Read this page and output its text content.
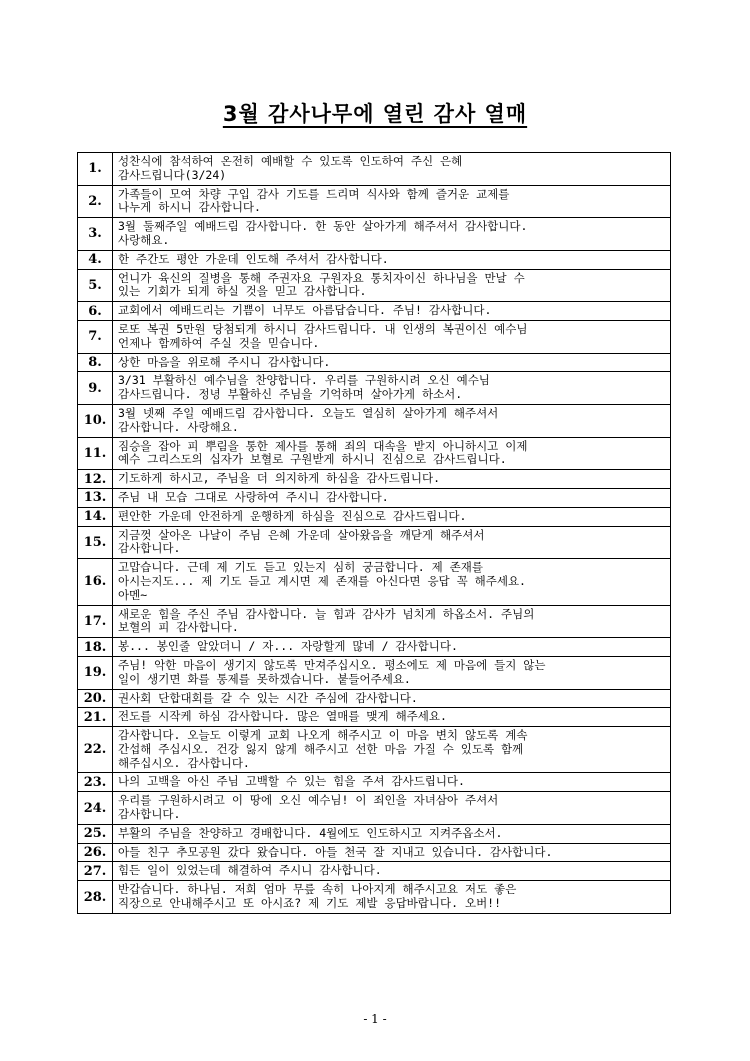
3월 감사나무에 열린 감사 열매
1.	성찬식에 참석하여 온전히 예배할 수 있도록 인도하여 주신 은혜
감사드립니다(3/24)
2.	가족들이 모여 차량 구입 감사 기도를 드리며 식사와 함께 즐거운 교제를
나누게 하시니 감사합니다.
3.	3월 둘째주일 예배드림 감사합니다. 한 동안 살아가게 해주셔서 감사합니다.
사랑해요.
4.	한 주간도 평안 가운데 인도해 주셔서 감사합니다.
5.	언니가 육신의 질병을 통해 주권자요 구원자요 통치자이신 하나님을 만날 수
있는 기회가 되게 하실 것을 믿고 감사합니다.
6.	교회에서 예배드리는 기쁨이 너무도 아름답습니다. 주님! 감사합니다.
7.	로또 복권 5만원 당첨되게 하시니 감사드립니다. 내 인생의 복권이신 예수님
언제나 함께하여 주실 것을 믿습니다.
8.	상한 마음을 위로해 주시니 감사합니다.
9.	3/31 부활하신 예수님을 찬양합니다. 우리를 구원하시려 오신 예수님
감사드립니다. 정녕 부활하신 주님을 기억하며 살아가게 하소서.
10.	3월 넷째 주일 예배드림 감사합니다. 오늘도 열심히 살아가게 해주셔서
감사합니다. 사랑해요.
11.	짐승을 잡아 피 뿌림을 통한 제사를 통해 죄의 대속을 받지 아니하시고 이제
예수 그리스도의 십자가 보혈로 구원받게 하시니 진심으로 감사드립니다.
12.	기도하게 하시고, 주님을 더 의지하게 하심을 감사드립니다.
13.	주님 내 모습 그대로 사랑하여 주시니 감사합니다.
14.	편안한 가운데 안전하게 운행하게 하심을 진심으로 감사드립니다.
15.	지금껏 살아온 나날이 주님 은혜 가운데 살아왔음을 깨닫게 해주셔서
감사합니다.
16.	고맙습니다. 근데 제 기도 듣고 있는지 심히 궁금합니다. 제 존재를
아시는지도... 제 기도 듣고 계시면 제 존재를 아신다면 응답 꼭 해주세요.
아멘~
17.	새로운 힘을 주신 주님 감사합니다. 늘 힘과 감사가 넘치게 하옵소서. 주님의
보혈의 피 감사합니다.
18.	봉... 봉인줄 알았더니 / 자... 자랑할게 많네 / 감사합니다.
19.	주님! 악한 마음이 생기지 않도록 만져주십시오. 평소에도 제 마음에 들지 않는
일이 생기면 화를 통제를 못하겠습니다. 붙들어주세요.
20.	권사회 단합대회를 갈 수 있는 시간 주심에 감사합니다.
21.	전도를 시작케 하심 감사합니다. 많은 열매를 맺게 해주세요.
22.	감사합니다. 오늘도 이렇게 교회 나오게 해주시고 이 마음 변치 않도록 계속
간섭해 주십시오. 건강 잃지 않게 해주시고 선한 마음 가질 수 있도록 함께
해주십시오. 감사합니다.
23.	나의 고백을 아신 주님 고백할 수 있는 힘을 주셔 감사드립니다.
24.	우리를 구원하시려고 이 땅에 오신 예수님! 이 죄인을 자녀삼아 주셔서
감사합니다.
25.	부활의 주님을 찬양하고 경배합니다. 4월에도 인도하시고 지켜주옵소서.
26.	아들 친구 추모공원 갔다 왔습니다. 아들 천국 잘 지내고 있습니다. 감사합니다.
27.	힘든 일이 있었는데 해결하여 주시니 감사합니다.
28.	반갑습니다. 하나님. 저희 엄마 무릎 속히 나아지게 해주시고요 저도 좋은
직장으로 안내해주시고 또 아시죠? 제 기도 제발 응답바랍니다. 오버!!
- 1 -
